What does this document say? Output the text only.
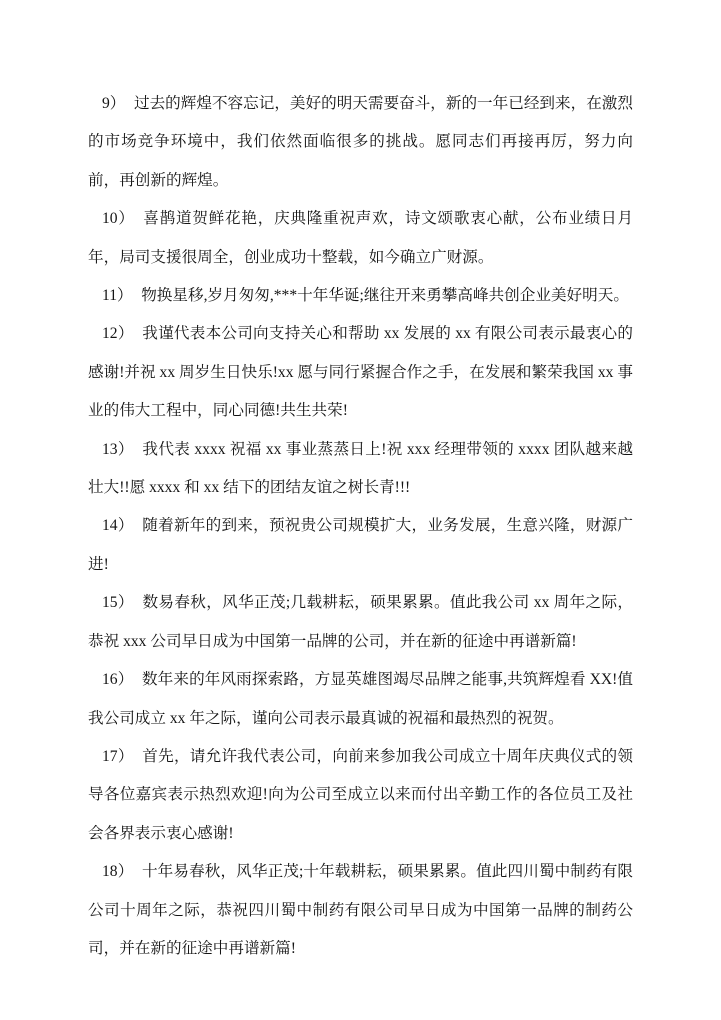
9） 过去的辉煌不容忘记，美好的明天需要奋斗，新的一年已经到来，在激烈的市场竞争环境中，我们依然面临很多的挑战。愿同志们再接再厉，努力向前，再创新的辉煌。

10） 喜鹊道贺鲜花艳，庆典隆重祝声欢，诗文颂歌衷心献，公布业绩日月年，局司支援很周全，创业成功十整载，如今确立广财源。

11） 物换星移,岁月匆匆,***十年华诞;继往开来勇攀高峰共创企业美好明天。

12） 我谨代表本公司向支持关心和帮助 xx 发展的 xx 有限公司表示最衷心的感谢!并祝 xx 周岁生日快乐!xx 愿与同行紧握合作之手，在发展和繁荣我国 xx 事业的伟大工程中，同心同德!共生共荣!

13） 我代表 xxxx 祝福 xx 事业蒸蒸日上!祝 xxx 经理带领的 xxxx 团队越来越壮大!!愿 xxxx 和 xx 结下的团结友谊之树长青!!!

14） 随着新年的到来，预祝贵公司规模扩大，业务发展，生意兴隆，财源广进!

15） 数易春秋，风华正茂;几载耕耘，硕果累累。值此我公司 xx 周年之际，恭祝 xxx 公司早日成为中国第一品牌的公司，并在新的征途中再谱新篇!

16） 数年来的年风雨探索路，方显英雄图竭尽品牌之能事,共筑辉煌看 XX!值我公司成立 xx 年之际，谨向公司表示最真诚的祝福和最热烈的祝贺。

17） 首先，请允许我代表公司，向前来参加我公司成立十周年庆典仪式的领导各位嘉宾表示热烈欢迎!向为公司至成立以来而付出辛勤工作的各位员工及社会各界表示衷心感谢!

18） 十年易春秋，风华正茂;十年载耕耘，硕果累累。值此四川蜀中制药有限公司十周年之际，恭祝四川蜀中制药有限公司早日成为中国第一品牌的制药公司，并在新的征途中再谱新篇!
